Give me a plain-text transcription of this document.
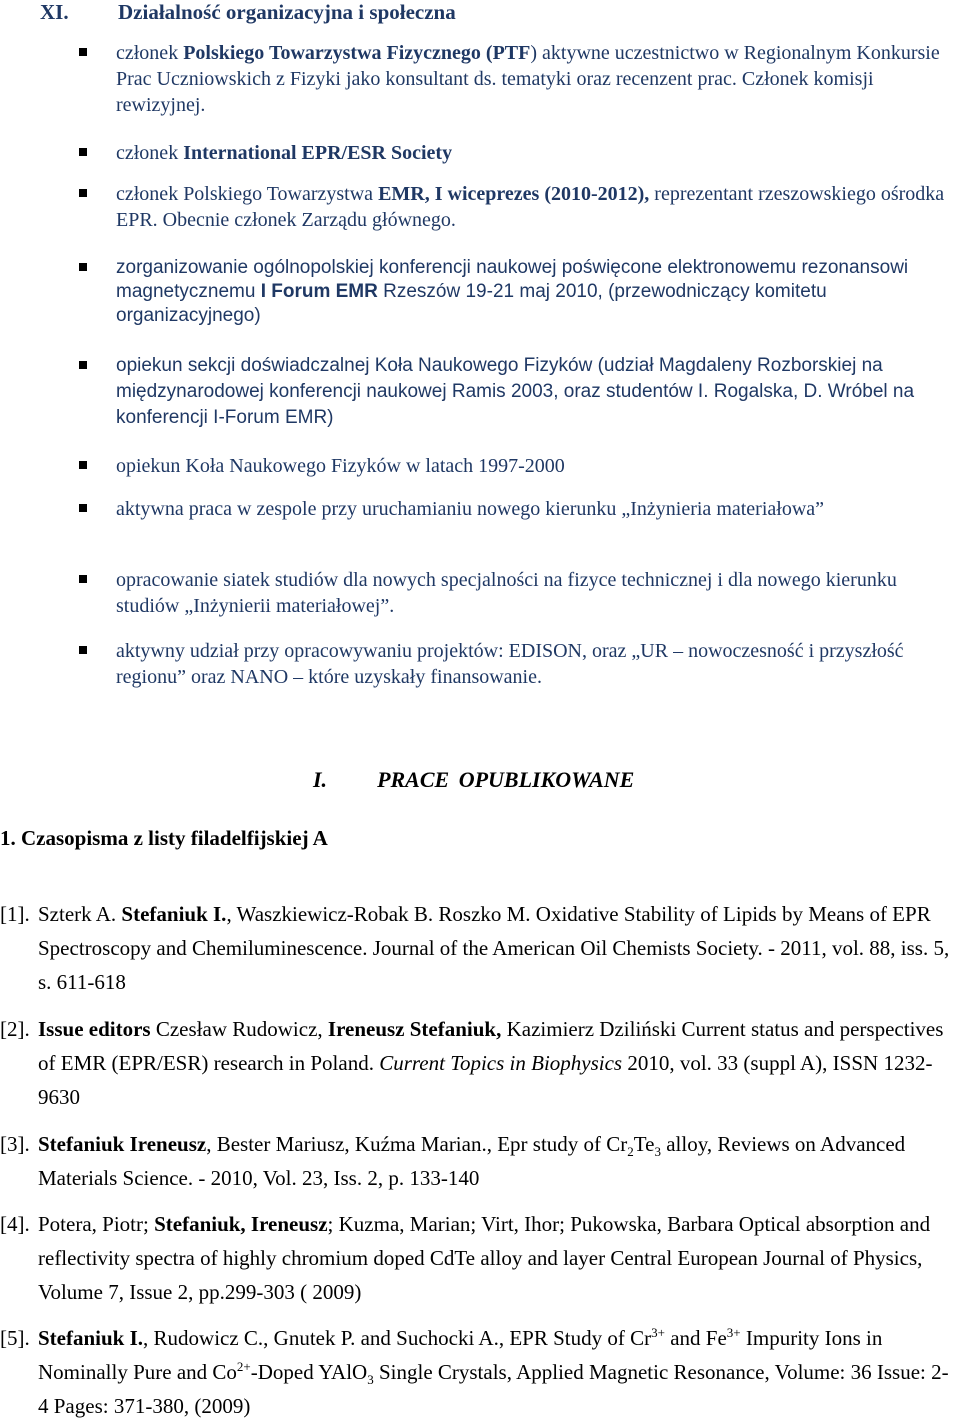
XI. Działalność organizacyjna i społeczna
członek Polskiego Towarzystwa Fizycznego (PTF) aktywne uczestnictwo w Regionalnym Konkursie Prac Uczniowskich z Fizyki jako konsultant ds. tematyki oraz recenzent prac. Członek komisji rewizyjnej.
członek International EPR/ESR Society
członek Polskiego Towarzystwa EMR, I wiceprezes (2010-2012), reprezentant rzeszowskiego ośrodka EPR. Obecnie członek Zarządu głównego.
zorganizowanie ogólnopolskiej konferencji naukowej poświęcone elektronowemu rezonansowi magnetycznemu I Forum EMR Rzeszów 19-21 maj 2010, (przewodniczący komitetu organizacyjnego)
opiekun sekcji doświadczalnej Koła Naukowego Fizyków (udział Magdaleny Rozborskiej na międzynarodowej konferencji naukowej Ramis 2003, oraz studentów I. Rogalska, D. Wróbel na konferencji I-Forum EMR)
opiekun Koła Naukowego Fizyków w latach 1997-2000
aktywna praca w zespole przy uruchamianiu nowego kierunku „Inżynieria materiałowa”
opracowanie siatek studiów dla nowych specjalności na fizyce technicznej i dla nowego kierunku studiów „Inżynierii materiałowej”.
aktywny udział przy opracowywaniu projektów: EDISON, oraz „UR – nowoczesność i przyszłość regionu” oraz NANO – które uzyskały finansowanie.
I. PRACE OPUBLIKOWANE
1. Czasopisma z listy filadelfijskiej A
[1]. Szterk A. Stefaniuk I., Waszkiewicz-Robak B. Roszko M. Oxidative Stability of Lipids by Means of EPR Spectroscopy and Chemiluminescence. Journal of the American Oil Chemists Society. - 2011, vol. 88, iss. 5, s. 611-618
[2]. Issue editors Czesław Rudowicz, Ireneusz Stefaniuk, Kazimierz Dziliński Current status and perspectives of EMR (EPR/ESR) research in Poland. Current Topics in Biophysics 2010, vol. 33 (suppl A), ISSN 1232-9630
[3]. Stefaniuk Ireneusz, Bester Mariusz, Kuźma Marian., Epr study of $Cr_2Te_3$ alloy, Reviews on Advanced Materials Science. - 2010, Vol. 23, Iss. 2, p. 133-140
[4]. Potera, Piotr; Stefaniuk, Ireneusz; Kuzma, Marian; Virt, Ihor; Pukowska, Barbara Optical absorption and reflectivity spectra of highly chromium doped CdTe alloy and layer Central European Journal of Physics, Volume 7, Issue 2, pp.299-303 ( 2009)
[5]. Stefaniuk I., Rudowicz C., Gnutek P. and Suchocki A., EPR Study of $Cr^{3+}$ and $Fe^{3+}$ Impurity Ions in Nominally Pure and $Co^{2+}$-Doped YAlO$_3$ Single Crystals, Applied Magnetic Resonance, Volume: 36 Issue: 2-4 Pages: 371-380, (2009)
